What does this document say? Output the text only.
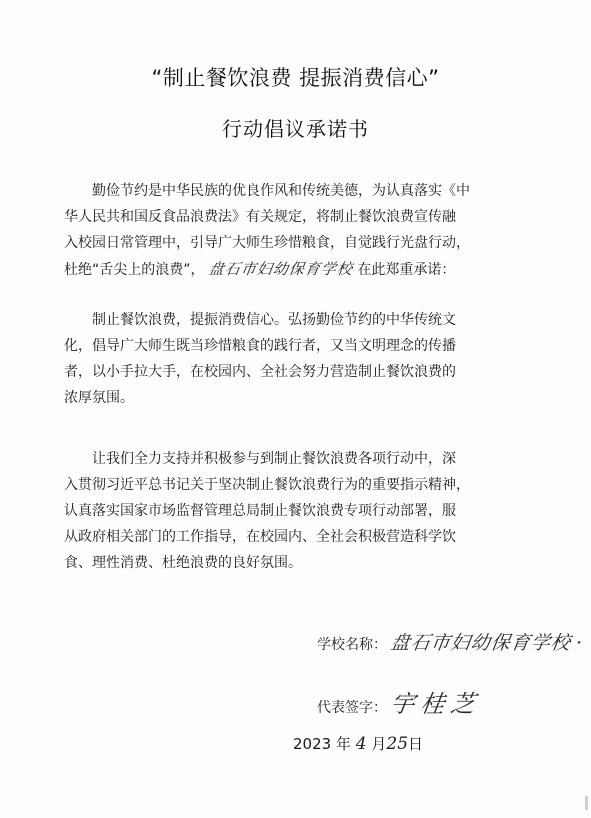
“制止餐饮浪费 提振消费信心”
行动倡议承诺书
勤俭节约是中华民族的优良作风和传统美德，为认真落实《中
华人民共和国反食品浪费法》有关规定，将制止餐饮浪费宣传融
入校园日常管理中，引导广大师生珍惜粮食，自觉践行光盘行动，
杜绝“舌尖上的浪费”， 盘石市妇幼保育学校 在此郑重承诺：
制止餐饮浪费，提振消费信心。弘扬勤俭节约的中华传统文
化，倡导广大师生既当珍惜粮食的践行者，又当文明理念的传播
者，以小手拉大手，在校园内、全社会努力营造制止餐饮浪费的
浓厚氛围。
让我们全力支持并积极参与到制止餐饮浪费各项行动中，深
入贯彻习近平总书记关于坚决制止餐饮浪费行为的重要指示精神，
认真落实国家市场监督管理总局制止餐饮浪费专项行动部署，服
从政府相关部门的工作指导，在校园内、全社会积极营造科学饮
食、理性消费、杜绝浪费的良好氛围。
学校名称： 盘石市妇幼保育学校 ·
代表签字： 宇桂芝
2023 年 4 月25日
